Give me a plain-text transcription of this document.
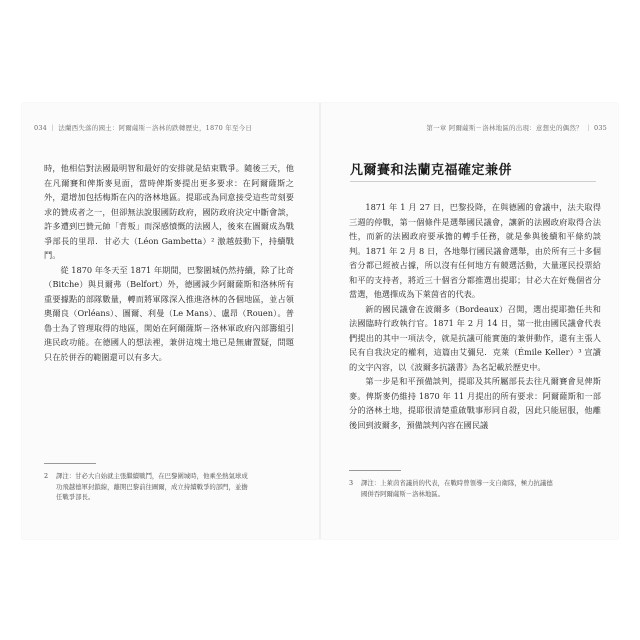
034 ｜ 法蘭西失落的國土：阿爾薩斯－洛林的跌轉歷史，1870 年至今日

時，他相信對法國最明智和最好的安排就是結束戰爭。隨後三天，他在凡爾賽和俾斯麥見面，當時俾斯麥提出更多要求：在阿爾薩斯之外，還增加包括梅斯在內的洛林地區。提耶或為同意接受這些苛刻要求的贊成者之一，但卻無法說服國防政府，國防政府決定中斷會談，許多遭到巴贊元帥「背叛」而深感憤慨的法國人，後來在圖爾成為戰爭部長的里昂．甘必大（Léon Gambetta）² 激越鼓動下，持續戰鬥。

從 1870 年冬天至 1871 年期間，巴黎圍城仍然持續，除了比奇（Bitche）與貝爾弗（Belfort）外，德國減少阿爾薩斯和洛林所有重要據點的部隊數量，轉而將軍隊深入推進洛林的各個地區，並占領奧爾良（Orléans）、圖爾、利曼（Le Mans）、盧昂（Rouen）。普魯士為了管理取得的地區，開始在阿爾薩斯－洛林軍政府內部籌組引進民政功能。在德國人的想法裡，兼併這塊土地已是無庸置疑，問題只在於併吞的範圍還可以有多大。

2	譯注：甘必大自始就主張繼續戰鬥，在巴黎圍城時，他乘坐熱氣球成功飛越德軍封鎖線，離開巴黎前往圖爾，成立持續戰爭的部門，並擔任戰爭部長。
第一章 阿爾薩斯－洛林地區的出現：意想史的偶然？ ｜ 035
凡爾賽和法蘭克福確定兼併

1871 年 1 月 27 日，巴黎投降，在與德國的會議中，法夫取得三週的停戰，第一個條件是選舉國民議會，讓新的法國政府取得合法性，而新的法國政府要承擔的轉手任務，就是參與後續和平條約談判。1871 年 2 月 8 日，各地舉行國民議會選舉，由於所有三十多個省分都已經被占據，所以沒有任何地方有競選活動，大量運民投票給和平的支持者，將近三十個省分都推選出提耶；甘必大在好幾個省分當選，他選擇成為下萊茵省的代表。

新的國民議會在波爾多（Bordeaux）召開，選出提耶擔任共和法國臨時行政執行官。1871 年 2 月 14 日，第一批由國民議會代表們提出的其中一項法令，就是抗議可能實施的兼併動作，還有主張人民有自我決定的權利，這篇由艾彌兒．克萊（Émile Keller）³ 宣讀的文字內容，以《波爾多抗議書》為名記載於歷史中。

第一步是和平預備談判，提耶及其所屬部長去往凡爾賽會見俾斯麥。俾斯麥仍維持 1870 年 11 月提出的所有要求：阿爾薩斯和一部分的洛林土地，提耶很清楚重啟戰事形同自殺，因此只能屈服，他離後回到波爾多，預備談判內容在國民議

3	譯注：上萊茵省議員的代表，在戰時曾領導一支自衛隊，極力抗議德國併吞阿爾薩斯－洛林地區。
